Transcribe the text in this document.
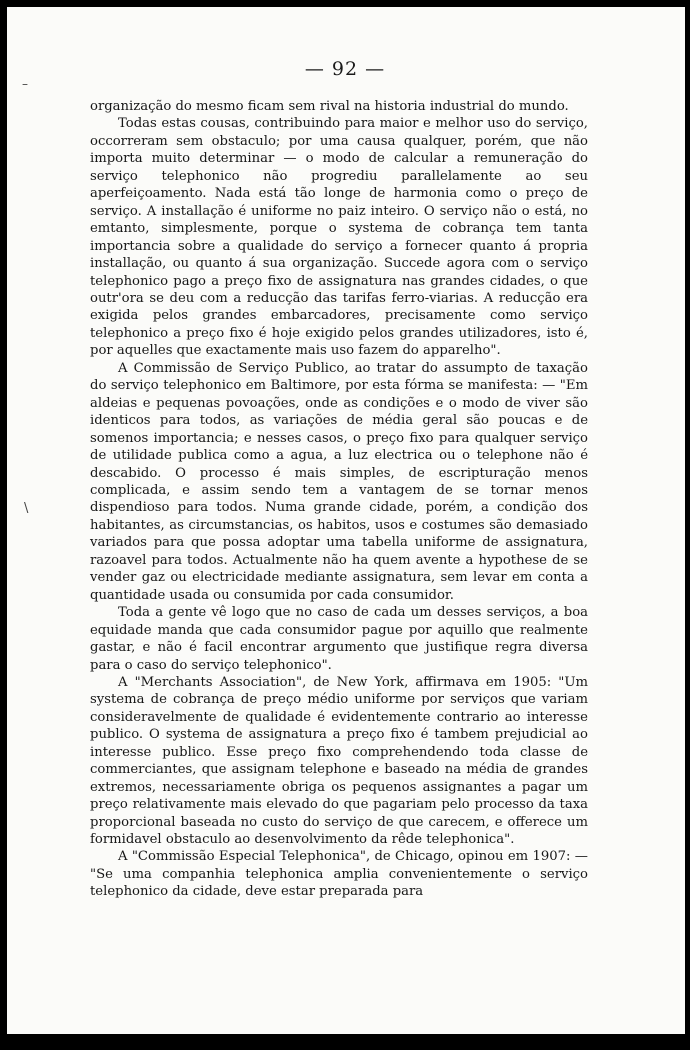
–
\
— 92 —

organização do mesmo ficam sem rival na historia industrial do mundo.

Todas estas cousas, contribuindo para maior e melhor uso do serviço, occorreram sem obstaculo; por uma causa qualquer, porém, que não importa muito determinar — o modo de calcular a remuneração do serviço telephonico não progrediu parallelamente ao seu aperfeiçoamento. Nada está tão longe de harmonia como o preço de serviço. A installação é uniforme no paiz inteiro. O serviço não o está, no emtanto, simplesmente, porque o systema de cobrança tem tanta importancia sobre a qualidade do serviço a fornecer quanto á propria installação, ou quanto á sua organização. Succede agora com o serviço telephonico pago a preço fixo de assignatura nas grandes cidades, o que outr'ora se deu com a reducção das tarifas ferro-viarias. A reducção era exigida pelos grandes embarcadores, precisamente como serviço telephonico a preço fixo é hoje exigido pelos grandes utilizadores, isto é, por aquelles que exactamente mais uso fazem do apparelho".

A Commissão de Serviço Publico, ao tratar do assumpto de taxação do serviço telephonico em Baltimore, por esta fórma se manifesta: — "Em aldeias e pequenas povoações, onde as condições e o modo de viver são identicos para todos, as variações de média geral são poucas e de somenos importancia; e nesses casos, o preço fixo para qualquer serviço de utilidade publica como a agua, a luz electrica ou o telephone não é descabido. O processo é mais simples, de escripturação menos complicada, e assim sendo tem a vantagem de se tornar menos dispendioso para todos. Numa grande cidade, porém, a condição dos habitantes, as circumstancias, os habitos, usos e costumes são demasiado variados para que possa adoptar uma tabella uniforme de assignatura, razoavel para todos. Actualmente não ha quem avente a hypothese de se vender gaz ou electricidade mediante assignatura, sem levar em conta a quantidade usada ou consumida por cada consumidor.

Toda a gente vê logo que no caso de cada um desses serviços, a boa equidade manda que cada consumidor pague por aquillo que realmente gastar, e não é facil encontrar argumento que justifique regra diversa para o caso do serviço telephonico".

A "Merchants Association", de New York, affirmava em 1905: "Um systema de cobrança de preço médio uniforme por serviços que variam consideravelmente de qualidade é evidentemente contrario ao interesse publico. O systema de assignatura a preço fixo é tambem prejudicial ao interesse publico. Esse preço fixo comprehendendo toda classe de commerciantes, que assignam telephone e baseado na média de grandes extremos, necessariamente obriga os pequenos assignantes a pagar um preço relativamente mais elevado do que pagariam pelo processo da taxa proporcional baseada no custo do serviço de que carecem, e offerece um formidavel obstaculo ao desenvolvimento da rêde telephonica".

A "Commissão Especial Telephonica", de Chicago, opinou em 1907: — "Se uma companhia telephonica amplia convenientemente o serviço telephonico da cidade, deve estar preparada para
